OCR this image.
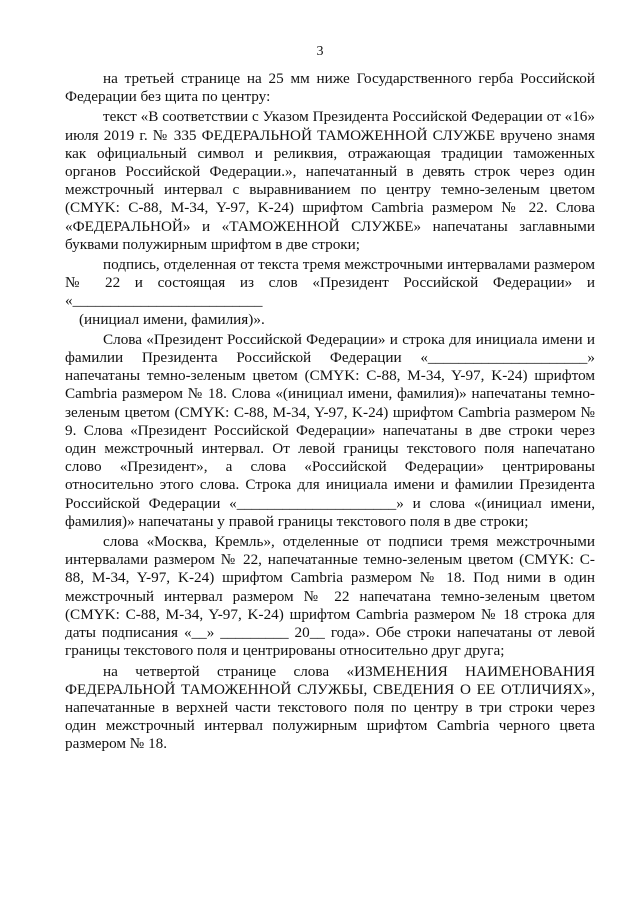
3

на третьей странице на 25 мм ниже Государственного герба Российской Федерации без щита по центру:

текст «В соответствии с Указом Президента Российской Федерации от «16» июля 2019 г. № 335 ФЕДЕРАЛЬНОЙ ТАМОЖЕННОЙ СЛУЖБЕ вручено знамя как официальный символ и реликвия, отражающая традиции таможенных органов Российской Федерации.», напечатанный в девять строк через один межстрочный интервал с выравниванием по центру темно-зеленым цветом (CMYK: C-88, M-34, Y-97, K-24) шрифтом Cambria размером № 22. Слова «ФЕДЕРАЛЬНОЙ» и «ТАМОЖЕННОЙ СЛУЖБЕ» напечатаны заглавными буквами полужирным шрифтом в две строки;

подпись, отделенная от текста тремя межстрочными интервалами размером № 22 и состоящая из слов «Президент Российской Федерации» и «_________________________

(инициал имени, фамилия)».

Слова «Президент Российской Федерации» и строка для инициала имени и фамилии Президента Российской Федерации «_____________________» напечатаны темно-зеленым цветом (CMYK: C-88, M-34, Y-97, K-24) шрифтом Cambria размером № 18. Слова «(инициал имени, фамилия)» напечатаны темно-зеленым цветом (CMYK: C-88, M-34, Y-97, K-24) шрифтом Cambria размером № 9. Слова «Президент Российской Федерации» напечатаны в две строки через один межстрочный интервал. От левой границы текстового поля напечатано слово «Президент», а слова «Российской Федерации» центрированы относительно этого слова. Строка для инициала имени и фамилии Президента Российской Федерации «_____________________» и слова «(инициал имени, фамилия)» напечатаны у правой границы текстового поля в две строки;

слова «Москва, Кремль», отделенные от подписи тремя межстрочными интервалами размером № 22, напечатанные темно-зеленым цветом (CMYK: C-88, M-34, Y-97, K-24) шрифтом Cambria размером № 18. Под ними в один межстрочный интервал размером № 22 напечатана темно-зеленым цветом (CMYK: C-88, M-34, Y-97, K-24) шрифтом Cambria размером № 18 строка для даты подписания «__» _________ 20__ года». Обе строки напечатаны от левой границы текстового поля и центрированы относительно друг друга;

на четвертой странице слова «ИЗМЕНЕНИЯ НАИМЕНОВАНИЯ ФЕДЕРАЛЬНОЙ ТАМОЖЕННОЙ СЛУЖБЫ, СВЕДЕНИЯ О ЕЕ ОТЛИЧИЯХ», напечатанные в верхней части текстового поля по центру в три строки через один межстрочный интервал полужирным шрифтом Cambria черного цвета размером № 18.
